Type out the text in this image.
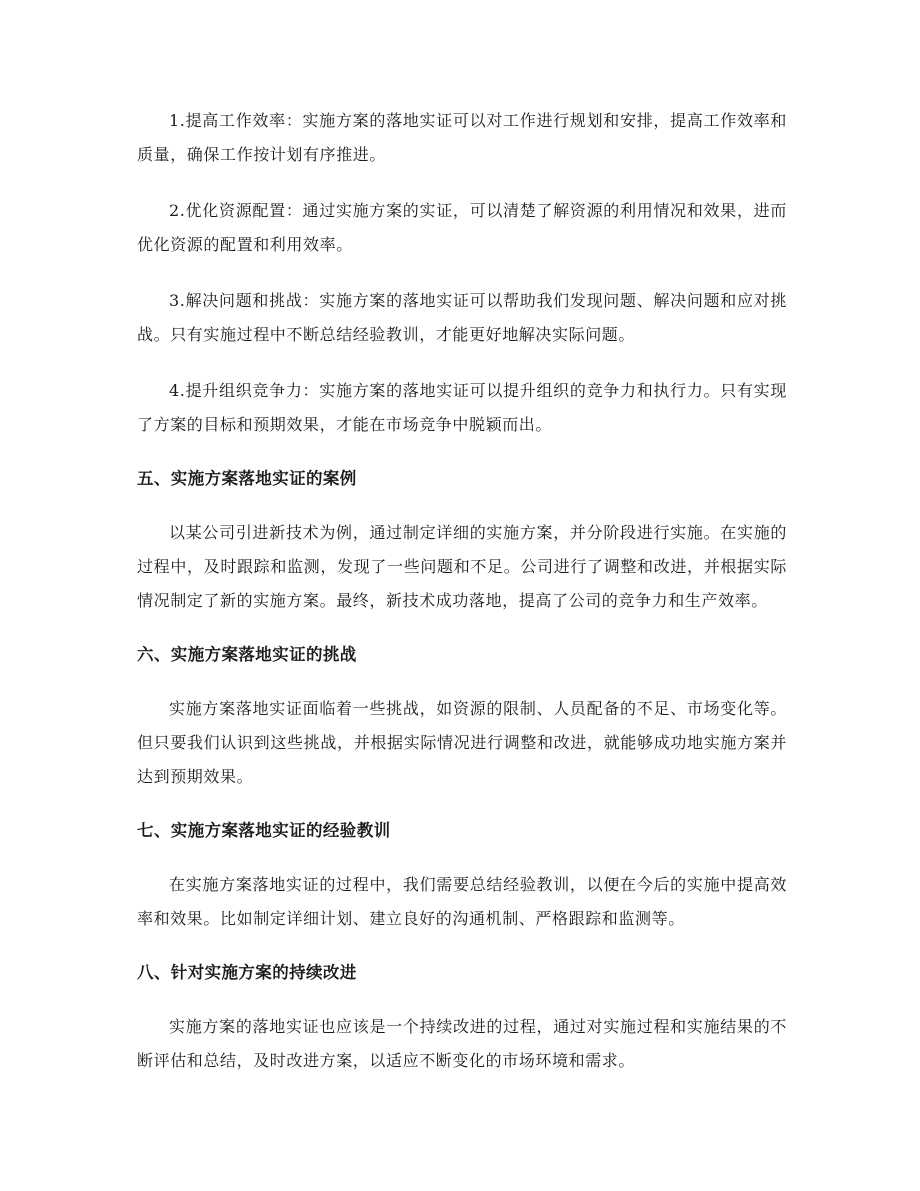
1.提高工作效率：实施方案的落地实证可以对工作进行规划和安排，提高工作效率和质量，确保工作按计划有序推进。

2.优化资源配置：通过实施方案的实证，可以清楚了解资源的利用情况和效果，进而优化资源的配置和利用效率。

3.解决问题和挑战：实施方案的落地实证可以帮助我们发现问题、解决问题和应对挑战。只有实施过程中不断总结经验教训，才能更好地解决实际问题。

4.提升组织竞争力：实施方案的落地实证可以提升组织的竞争力和执行力。只有实现了方案的目标和预期效果，才能在市场竞争中脱颖而出。

五、实施方案落地实证的案例

以某公司引进新技术为例，通过制定详细的实施方案，并分阶段进行实施。在实施的过程中，及时跟踪和监测，发现了一些问题和不足。公司进行了调整和改进，并根据实际情况制定了新的实施方案。最终，新技术成功落地，提高了公司的竞争力和生产效率。

六、实施方案落地实证的挑战

实施方案落地实证面临着一些挑战，如资源的限制、人员配备的不足、市场变化等。但只要我们认识到这些挑战，并根据实际情况进行调整和改进，就能够成功地实施方案并达到预期效果。

七、实施方案落地实证的经验教训

在实施方案落地实证的过程中，我们需要总结经验教训，以便在今后的实施中提高效率和效果。比如制定详细计划、建立良好的沟通机制、严格跟踪和监测等。

八、针对实施方案的持续改进

实施方案的落地实证也应该是一个持续改进的过程，通过对实施过程和实施结果的不断评估和总结，及时改进方案，以适应不断变化的市场环境和需求。
